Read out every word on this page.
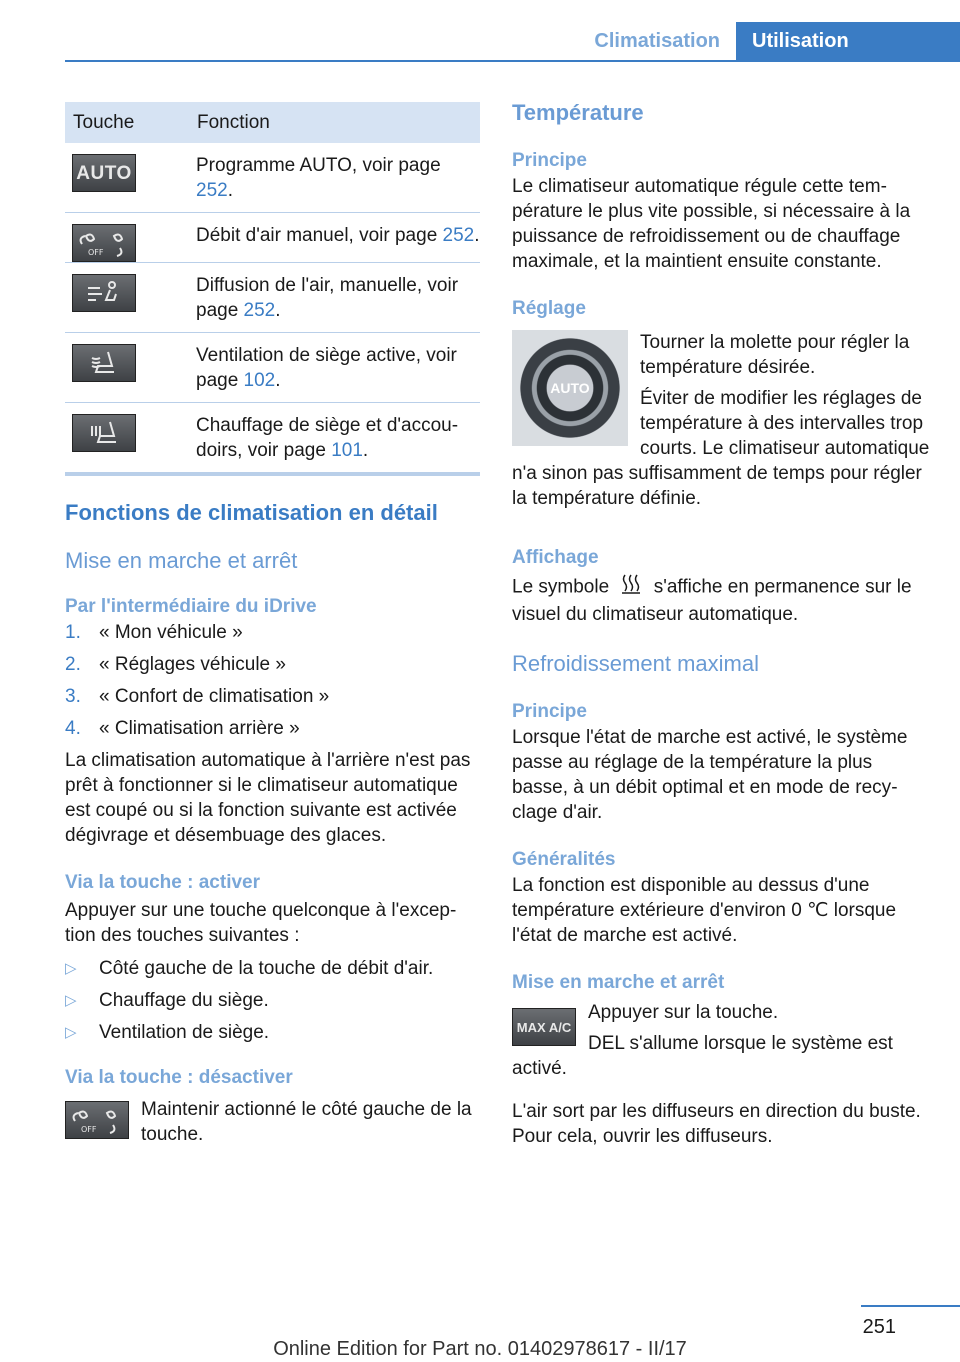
Climatisation	Utilisation
Touche	Fonction

AUTO	Programme AUTO, voir page 252.

OFF	Débit d'air manuel, voir page 252.

	Diffusion de l'air, manuelle, voir page 252.

	Ventilation de siège active, voir page 102.

	Chauffage de siège et d'accoudoirs, voir page 101.
Fonctions de climatisation en détail
Mise en marche et arrêt
Par l'intermédiaire du iDrive
1. « Mon véhicule »
2. « Réglages véhicule »
3. « Confort de climatisation »
4. « Climatisation arrière »

La climatisation automatique à l'arrière n'est pas prêt à fonctionner si le climatiseur automatique est coupé ou si la fonction suivante est activée dégivrage et désembuage des glaces.

Via la touche : activer

Appuyer sur une touche quelconque à l'exception des touches suivantes :

▷ Côté gauche de la touche de débit d'air.
▷ Chauffage du siège.
▷ Ventilation de siège.
Via la touche : désactiver
OFF

Maintenir actionné le côté gauche de la touche.

Température
Principe

Le climatiseur automatique régule cette température le plus vite possible, si nécessaire à la puissance de refroidissement ou de chauffage maximale, et la maintient ensuite constante.

Réglage
AUTO

Tourner la molette pour régler la température désirée.

Éviter de modifier les réglages de température à des intervalles trop courts. Le climatiseur automatique n'a sinon pas suffisamment de temps pour régler la température définie.

Affichage

Le symbole s'affiche en permanence sur le visuel du climatiseur automatique.

Refroidissement maximal
Principe

Lorsque l'état de marche est activé, le système passe au réglage de la température la plus basse, à un débit optimal et en mode de recyclage d'air.

Généralités

La fonction est disponible au dessus d'une température extérieure d'environ 0 ℃ lorsque l'état de marche est activé.

Mise en marche et arrêt
MAX A/C

Appuyer sur la touche.

DEL s'allume lorsque le système est activé.

L'air sort par les diffuseurs en direction du buste. Pour cela, ouvrir les diffuseurs.

251
Online Edition for Part no. 01402978617 - II/17
